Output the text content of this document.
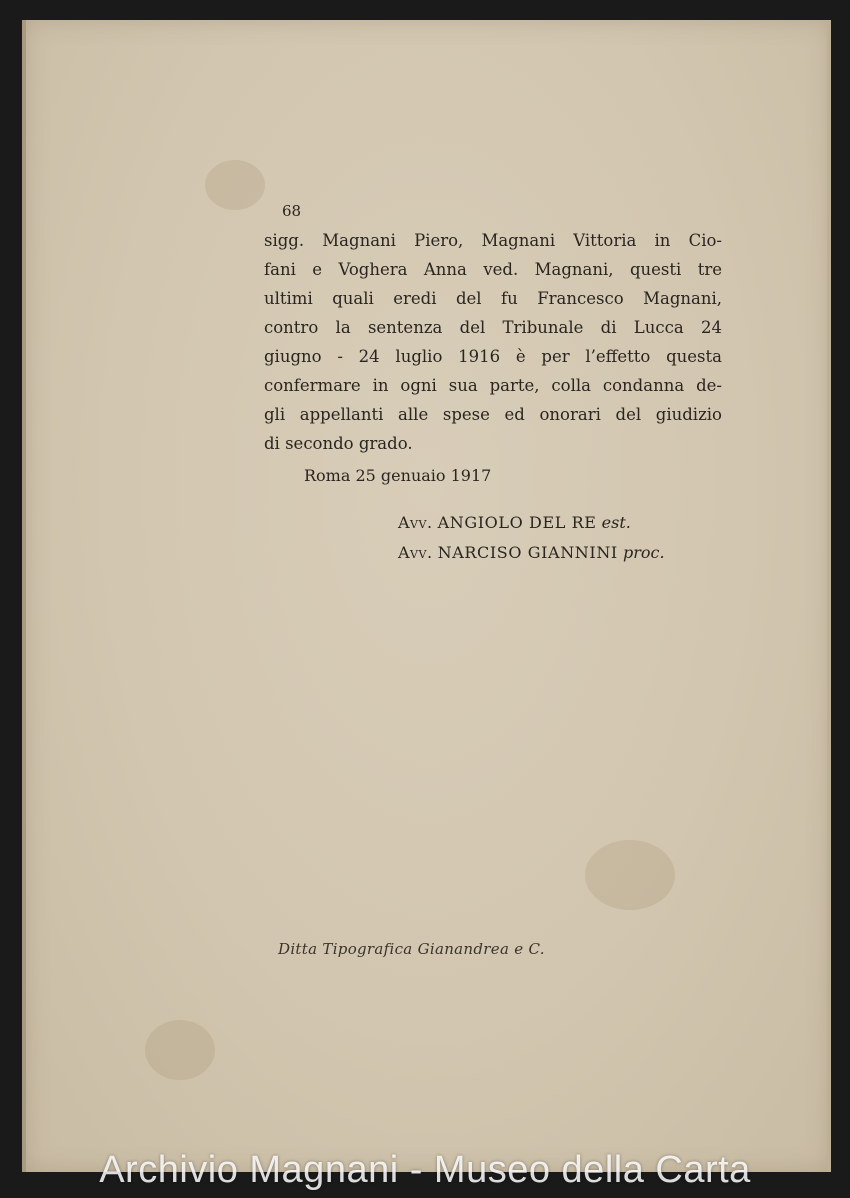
68
sigg. Magnani Piero, Magnani Vittoria in Cio-
fani e Voghera Anna ved. Magnani, questi tre
ultimi quali eredi del fu Francesco Magnani,
contro la sentenza del Tribunale di Lucca 24
giugno - 24 luglio 1916 è per l’effetto questa
confermare in ogni sua parte, colla condanna de-
gli appellanti alle spese ed onorari del giudizio
di secondo grado.
Roma 25 genuaio 1917
Avv. ANGIOLO DEL RE est.
Avv. NARCISO GIANNINI proc.
Ditta Tipografica Gianandrea e C.
Archivio Magnani - Museo della Carta
